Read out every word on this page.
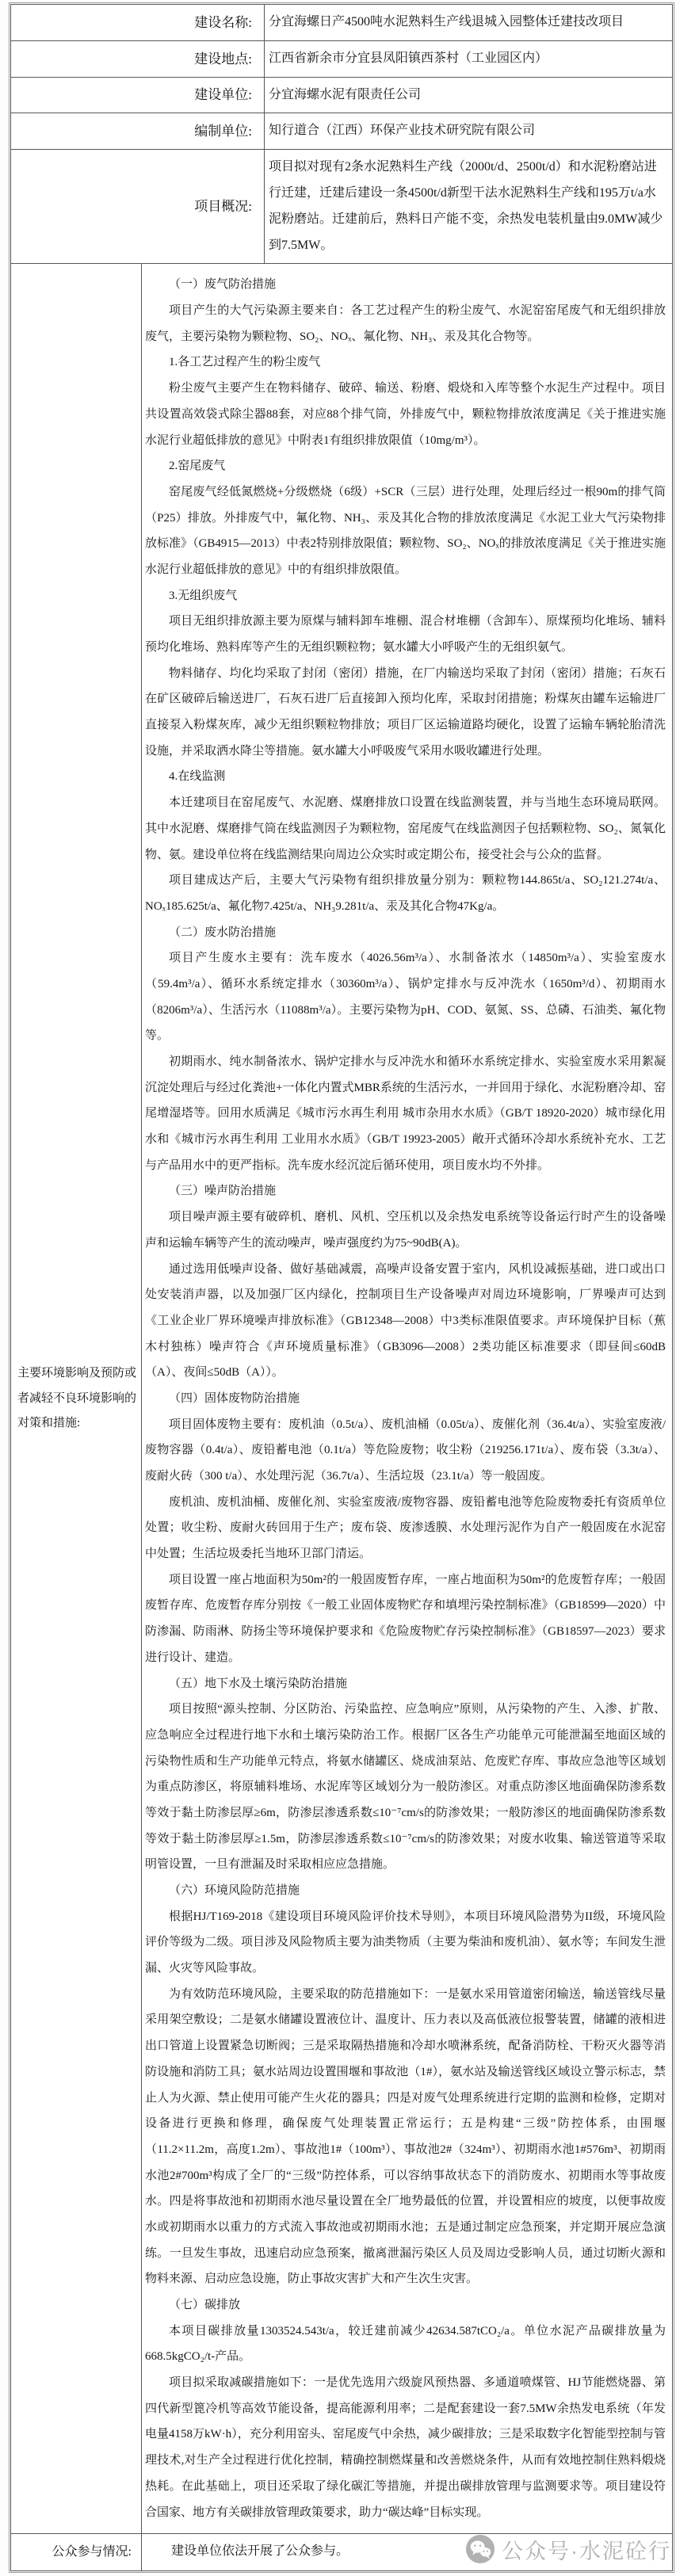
建设名称:	分宜海螺日产4500吨水泥熟料生产线退城入园整体迁建技改项目
建设地点:	江西省新余市分宜县凤阳镇西茶村（工业园区内）
建设单位:	分宜海螺水泥有限责任公司
编制单位:	知行道合（江西）环保产业技术研究院有限公司
项目概况:
项目拟对现有2条水泥熟料生产线（2000t/d、2500t/d）和水泥粉磨站进行迁建，迁建后建设一条4500t/d新型干法水泥熟料生产线和195万t/a水泥粉磨站。迁建前后，熟料日产能不变，余热发电装机量由9.0MW减少到7.5MW。
主要环境影响及预防或者减轻不良环境影响的对策和措施:
（一）废气防治措施
项目产生的大气污染源主要来自：各工艺过程产生的粉尘废气、水泥窑窑尾废气和无组织排放废气，主要污染物为颗粒物、SO₂、NOₓ、氟化物、NH₃、汞及其化合物等。
1.各工艺过程产生的粉尘废气
粉尘废气主要产生在物料储存、破碎、输送、粉磨、煅烧和入库等整个水泥生产过程中。项目共设置高效袋式除尘器88套，对应88个排气筒，外排废气中，颗粒物排放浓度满足《关于推进实施水泥行业超低排放的意见》中附表1有组织排放限值（10mg/m³）。
2.窑尾废气
窑尾废气经低氮燃烧+分级燃烧（6级）+SCR（三层）进行处理，处理后经过一根90m的排气筒（P25）排放。外排废气中，氟化物、NH₃、汞及其化合物的排放浓度满足《水泥工业大气污染物排放标准》（GB4915—2013）中表2特别排放限值；颗粒物、SO₂、NOₓ的排放浓度满足《关于推进实施水泥行业超低排放的意见》中的有组织排放限值。
3.无组织废气
项目无组织排放源主要为原煤与辅料卸车堆棚、混合材堆棚（含卸车）、原煤预均化堆场、辅料预均化堆场、熟料库等产生的无组织颗粒物；氨水罐大小呼吸产生的无组织氨气。
物料储存、均化均采取了封闭（密闭）措施，在厂内输送均采取了封闭（密闭）措施；石灰石在矿区破碎后输送进厂，石灰石进厂后直接卸入预均化库，采取封闭措施；粉煤灰由罐车运输进厂直接泵入粉煤灰库，减少无组织颗粒物排放；项目厂区运输道路均硬化，设置了运输车辆轮胎清洗设施，并采取洒水降尘等措施。氨水罐大小呼吸废气采用水吸收罐进行处理。
4.在线监测
本迁建项目在窑尾废气、水泥磨、煤磨排放口设置在线监测装置，并与当地生态环境局联网。其中水泥磨、煤磨排气筒在线监测因子为颗粒物，窑尾废气在线监测因子包括颗粒物、SO₂、氮氧化物、氨。建设单位将在线监测结果向周边公众实时或定期公布，接受社会与公众的监督。
项目建成达产后，主要大气污染物有组织排放量分别为：颗粒物144.865t/a、SO₂121.274t/a、NOₓ185.625t/a、氟化物7.425t/a、NH₃9.281t/a、汞及其化合物47Kg/a。
（二）废水防治措施
项目产生废水主要有：洗车废水（4026.56m³/a）、水制备浓水（14850m³/a）、实验室废水（59.4m³/a）、循环水系统定排水（30360m³/a）、锅炉定排水与反冲洗水（1650m³/d）、初期雨水（8206m³/a）、生活污水（11088m³/a）。主要污染物为pH、COD、氨氮、SS、总磷、石油类、氟化物等。
初期雨水、纯水制备浓水、锅炉定排水与反冲洗水和循环水系统定排水、实验室废水采用絮凝沉淀处理后与经过化粪池+一体化内置式MBR系统的生活污水，一并回用于绿化、水泥粉磨冷却、窑尾增湿塔等。回用水质满足《城市污水再生利用 城市杂用水水质》（GB/T 18920-2020）城市绿化用水和《城市污水再生利用 工业用水水质》（GB/T 19923-2005）敞开式循环冷却水系统补充水、工艺与产品用水中的更严指标。洗车废水经沉淀后循环使用，项目废水均不外排。
（三）噪声防治措施
项目噪声源主要有破碎机、磨机、风机、空压机以及余热发电系统等设备运行时产生的设备噪声和运输车辆等产生的流动噪声，噪声强度约为75~90dB(A)。
通过选用低噪声设备、做好基础减震，高噪声设备安置于室内，风机设减振基础，进口或出口处安装消声器，以及加强厂区内绿化，控制项目生产设备噪声对周边环境影响，厂界噪声可达到《工业企业厂界环境噪声排放标准》（GB12348—2008）中3类标准限值要求。声环境保护目标（蕉木村独栋）噪声符合《声环境质量标准》（GB3096—2008）2类功能区标准要求（即昼间≤60dB（A）、夜间≤50dB（A））。
（四）固体废物防治措施
项目固体废物主要有：废机油（0.5t/a）、废机油桶（0.05t/a）、废催化剂（36.4t/a）、实验室废液/废物容器（0.4t/a）、废铅蓄电池（0.1t/a）等危险废物；收尘粉（219256.171t/a）、废布袋（3.3t/a）、废耐火砖（300 t/a）、水处理污泥（36.7t/a）、生活垃圾（23.1t/a）等一般固废。
废机油、废机油桶、废催化剂、实验室废液/废物容器、废铅蓄电池等危险废物委托有资质单位处置；收尘粉、废耐火砖回用于生产；废布袋、废渗透膜、水处理污泥作为自产一般固废在水泥窑中处置；生活垃圾委托当地环卫部门清运。
项目设置一座占地面积为50m²的一般固废暂存库，一座占地面积为50m²的危废暂存库；一般固废暂存库、危废暂存库分别按《一般工业固体废物贮存和填埋污染控制标准》（GB18599—2020）中防渗漏、防雨淋、防扬尘等环境保护要求和《危险废物贮存污染控制标准》（GB18597—2023）要求进行设计、建造。
（五）地下水及土壤污染防治措施
项目按照“源头控制、分区防治、污染监控、应急响应”原则，从污染物的产生、入渗、扩散、应急响应全过程进行地下水和土壤污染防治工作。根据厂区各生产功能单元可能泄漏至地面区域的污染物性质和生产功能单元特点，将氨水储罐区、烧成油泵站、危废贮存库、事故应急池等区域划为重点防渗区，将原辅料堆场、水泥库等区域划分为一般防渗区。对重点防渗区地面确保防渗系数等效于黏土防渗层厚≥6m，防渗层渗透系数≤10⁻⁷cm/s的防渗效果；一般防渗区的地面确保防渗系数等效于黏土防渗层厚≥1.5m，防渗层渗透系数≤10⁻⁷cm/s的防渗效果；对废水收集、输送管道等采取明管设置，一旦有泄漏及时采取相应应急措施。
（六）环境风险防范措施
根据HJ/T169-2018《建设项目环境风险评价技术导则》，本项目环境风险潜势为II级，环境风险评价等级为二级。项目涉及风险物质主要为油类物质（主要为柴油和废机油）、氨水等；车间发生泄漏、火灾等风险事故。
为有效防范环境风险，主要采取的防范措施如下：一是氨水采用管道密闭输送，输送管线尽量采用架空敷设；二是氨水储罐设置液位计、温度计、压力表以及高低液位报警装置，储罐的液相进出口管道上设置紧急切断阀；三是采取隔热措施和冷却水喷淋系统，配备消防栓、干粉灭火器等消防设施和消防工具；氨水站周边设置围堰和事故池（1#），氨水站及输送管线区域设立警示标志，禁止人为火源、禁止使用可能产生火花的器具；四是对废气处理系统进行定期的监测和检修，定期对设备进行更换和修理，确保废气处理装置正常运行；五是构建“三级”防控体系，由围堰（11.2×11.2m，高度1.2m）、事故池1#（100m³）、事故池2#（324m³）、初期雨水池1#576m³、初期雨水池2#700m³构成了全厂的“三级”防控体系，可以容纳事故状态下的消防废水、初期雨水等事故废水。四是将事故池和初期雨水池尽量设置在全厂地势最低的位置，并设置相应的坡度，以便事故废水或初期雨水以重力的方式流入事故池或初期雨水池；五是通过制定应急预案，并定期开展应急演练。一旦发生事故，迅速启动应急预案，撤离泄漏污染区人员及周边受影响人员，通过切断火源和物料来源、启动应急设施，防止事故灾害扩大和产生次生灾害。
（七）碳排放
本项目碳排放量1303524.543t/a，较迁建前减少42634.587tCO₂/a。单位水泥产品碳排放量为668.5kgCO₂/t-产品。
项目拟采取减碳措施如下：一是优先选用六级旋风预热器、多通道喷煤管、HJ节能燃烧器、第四代新型篦冷机等高效节能设备，提高能源利用率；二是配套建设一套7.5MW余热发电系统（年发电量4158万kW·h），充分利用窑头、窑尾废气中余热，减少碳排放；三是采取数字化智能型控制与管理技术,对生产全过程进行优化控制，精确控制燃煤量和改善燃烧条件，从而有效地控制住熟料煅烧热耗。在此基础上，项目还采取了绿化碳汇等措施，并提出碳排放管理与监测要求等。项目建设符合国家、地方有关碳排放管理政策要求，助力“碳达峰”目标实现。
公众参与情况:	建设单位依法开展了公众参与。	公众号·水泥砼行
